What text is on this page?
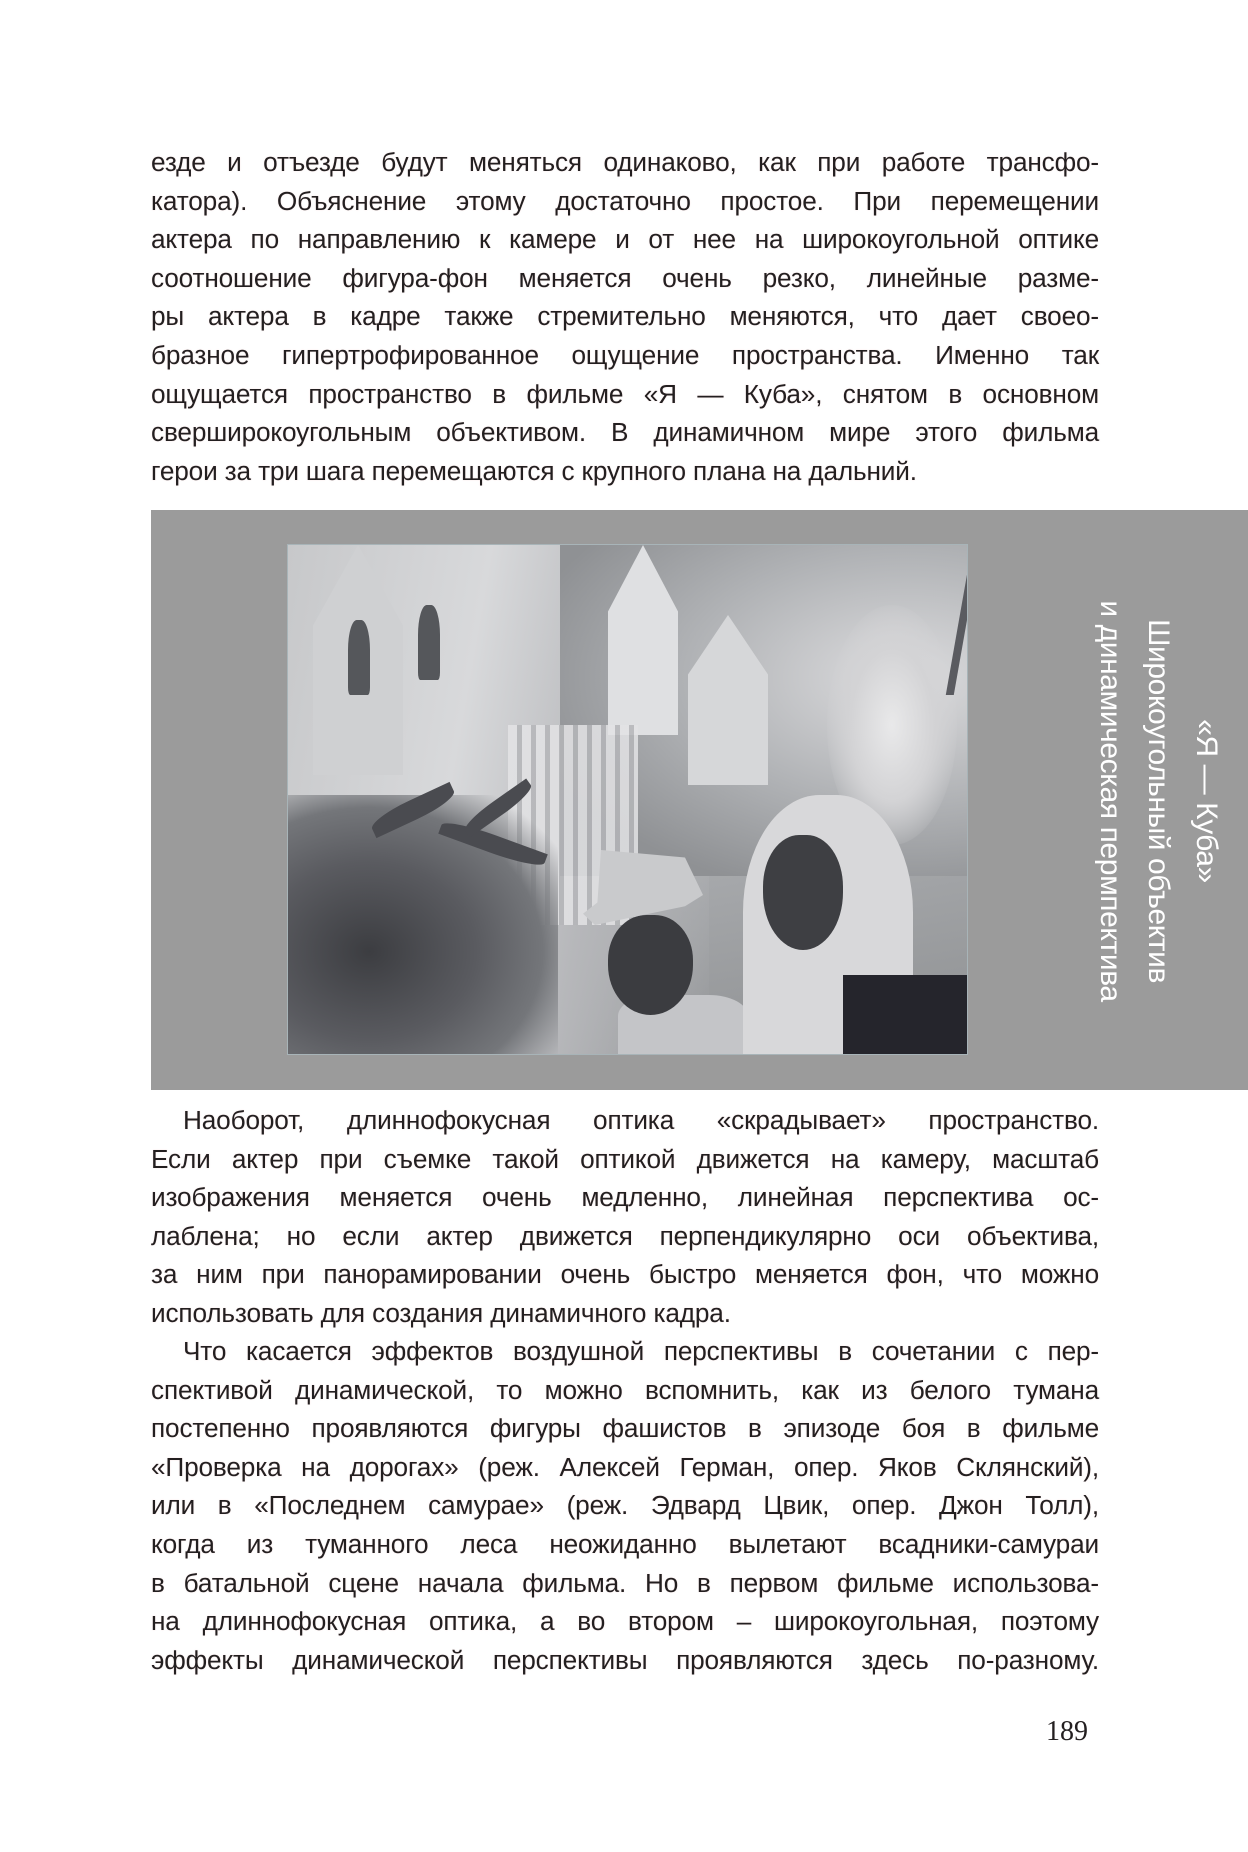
езде и отъезде будут меняться одинаково, как при работе трансфо-
катора). Объяснение этому достаточно простое. При перемещении
актера по направлению к камере и от нее на широкоугольной оптике
соотношение фигура-фон меняется очень резко, линейные разме-
ры актера в кадре также стремительно меняются, что дает своео-
бразное гипертрофированное ощущение пространства. Именно так
ощущается пространство в фильме «Я — Куба», снятом в основном
сверширокоугольным объективом. В динамичном мире этого фильма
герои за три шага перемещаются с крупного плана на дальний.
«Я — Куба»
Широкоугольный объектив
и динамическая пермпектива
Наоборот, длиннофокусная оптика «скрадывает» пространство.
Если актер при съемке такой оптикой движется на камеру, масштаб
изображения меняется очень медленно, линейная перспектива ос-
лаблена; но если актер движется перпендикулярно оси объектива,
за ним при панорамировании очень быстро меняется фон, что можно
использовать для создания динамичного кадра.
Что касается эффектов воздушной перспективы в сочетании с пер-
спективой динамической, то можно вспомнить, как из белого тумана
постепенно проявляются фигуры фашистов в эпизоде боя в фильме
«Проверка на дорогах» (реж. Алексей Герман, опер. Яков Склянский),
или в «Последнем самурае» (реж. Эдвард Цвик, опер. Джон Толл),
когда из туманного леса неожиданно вылетают всадники-самураи
в батальной сцене начала фильма. Но в первом фильме использова-
на длиннофокусная оптика, а во втором – широкоугольная, поэтому
эффекты динамической перспективы проявляются здесь по-разному.
189
